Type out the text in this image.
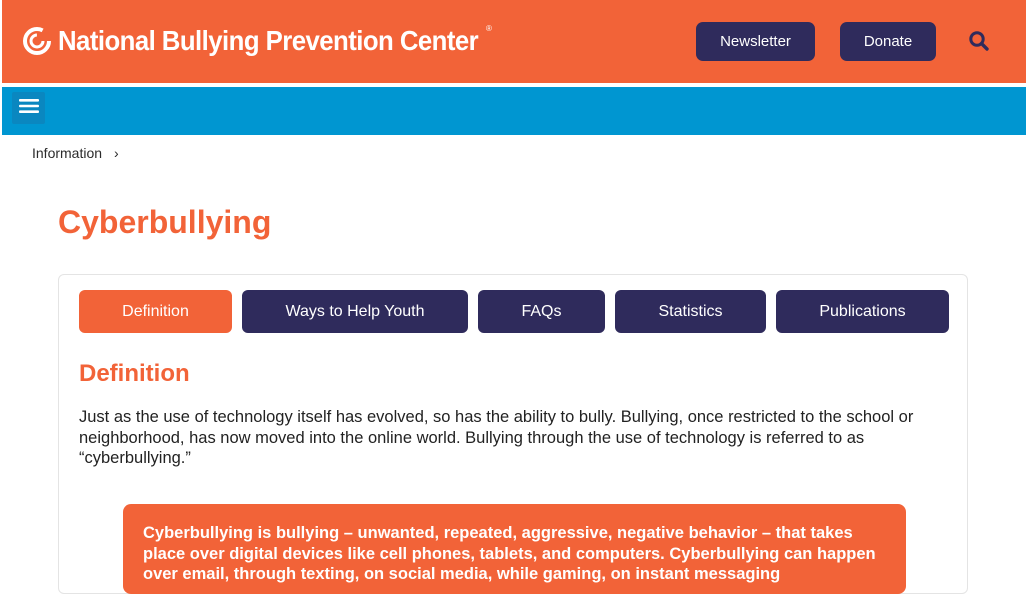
National Bullying Prevention Center ®
Newsletter	Donate
Information ›
Cyberbullying
Definition	Ways to Help Youth	FAQs	Statistics	Publications
Definition

Just as the use of technology itself has evolved, so has the ability to bully. Bullying, once restricted to the school or neighborhood, has now moved into the online world. Bullying through the use of technology is referred to as “cyberbullying.”

Cyberbullying is bullying – unwanted, repeated, aggressive, negative behavior – that takes place over digital devices like cell phones, tablets, and computers. Cyberbullying can happen over email, through texting, on social media, while gaming, on instant messaging
